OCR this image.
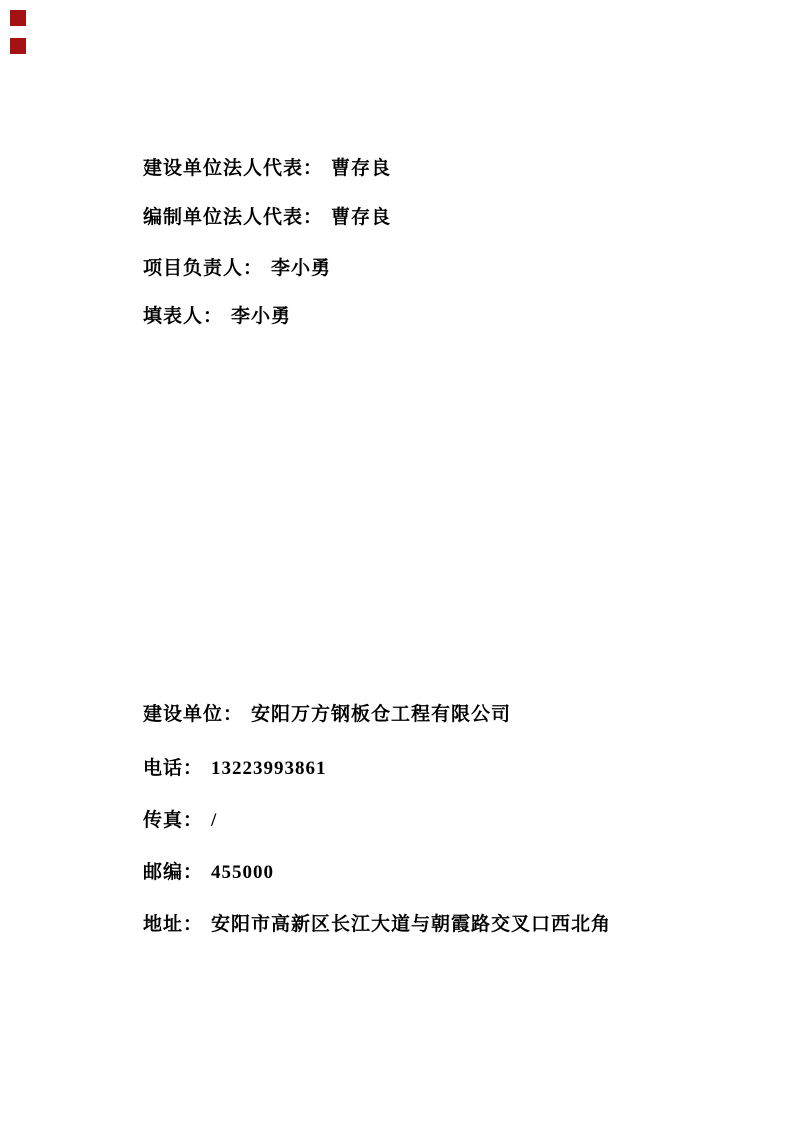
建设单位法人代表： 曹存良

编制单位法人代表： 曹存良

项目负责人： 李小勇

填表人： 李小勇

建设单位： 安阳万方钢板仓工程有限公司

电话： 13223993861

传真： /

邮编： 455000

地址： 安阳市高新区长江大道与朝霞路交叉口西北角
